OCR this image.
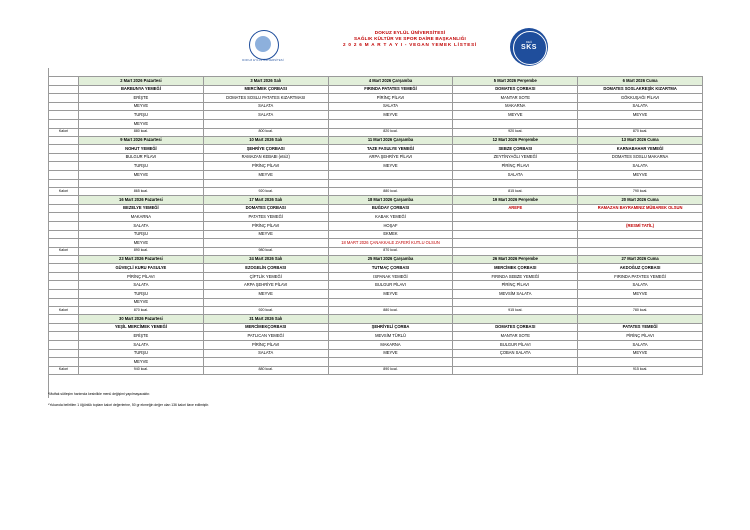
DOKUZ EYLÜL ÜNİVERSİTESİ
DOKUZ EYLÜL ÜNİVERSİTESİ
SAĞLIK KÜLTÜR VE SPOR DAİRE BAŞKANLIĞI
2 0 2 6 M A R T A Y I - VEGAN YEMEK LİSTESİ
DEÜ
SKS
	2 Mart 2026 Pazartesi	3 Mart 2026 Salı	4 Mart 2026 Çarşamba	5 Mart 2026 Perşembe	6 Mart 2026 Cuma
	BARBUNYA YEMEĞİ	MERCİMEK ÇORBASI	FIRINDA PATATES YEMEĞİ	DOMATES ÇORBASI	DOMATES SOSLAKREŞİK KIZARTMA
	ERİŞTE	DOMATES SOSLU PATATES KIZARTMASI	PİRİNÇ PİLAVI	MANTAR SOTE	GÖKKUŞAĞI PİLAVI
	MEYVE	SALATA	SALATA	MAKARNA	SALATA
	TURŞU	SALATA	MEYVE	MEYVE	MEYVE
	MEYVE				
Kalori	880 kcal.	800 kcal.	820 kcal.	920 kcal.	870 kcal.
	9 Mart 2026 Pazartesi	10 Mart 2026 Salı	11 Mart 2026 Çarşamba	12 Mart 2026 Perşembe	13 Mart 2026 Cuma
	NOHUT YEMEĞİ	ŞEHRİYE ÇORBASI	TAZE FASULYE YEMEĞİ	SEBZE ÇORBASI	KARNABAHAR YEMEĞİ
	BULGUR PİLAVI	RAMAZAN KEBABI (etsiz)	ARPA ŞEHRİYE PİLAVI	ZEYTİNYAĞLI YEMEĞİ	DOMATES SOSLU MAKARNA
	TURŞU	PİRİNÇ PİLAVI	MEYVE	PİRİNÇ PİLAVI	SALATA
	MEYVE	MEYVE		SALATA	MEYVE

Kalori	865 kcal.	920 kcal.	880 kcal.	815 kcal.	790 kcal.
	16 Mart 2026 Pazartesi	17 Mart 2026 Salı	18 Mart 2026 Çarşamba	19 Mart 2026 Perşembe	20 Mart 2026 Cuma
	BEZELYE YEMEĞİ	DOMATES ÇORBASI	BUĞDAY ÇORBASI	AREFE	RAMAZAN BAYRAMINIZ MÜBAREK OLSUN
	MAKARNA	PATATES YEMEĞİ	KABAK YEMEĞİ		
	SALATA	PİRİNÇ PİLAVI	HOŞAF		(RESMİ TATİL)
	TURŞU	MEYVE	EKMEK		
	MEYVE		18 MART 2026 ÇANAKKALE ZAFERİ KUTLU OLSUN		
Kalori	890 kcal.	980 kcal.	870 kcal.		
	23 Mart 2026 Pazartesi	24 Mart 2026 Salı	25 Mart 2026 Çarşamba	26 Mart 2026 Perşembe	27 Mart 2026 Cuma
	GÜVEÇLİ KURU FASULYE	EZOGELİN ÇORBASI	TUTMAÇ ÇORBASI	MERCİMEK ÇORBASI	AKDOĞUZ ÇORBASI
	PİRİNÇ PİLAVI	ÇİFTLİK YEMEĞİ	ISPANAK YEMEĞİ	FIRINDA SEBZE YEMEĞİ	FIRINDA PATATES YEMEĞİ
	SALATA	ARPA ŞEHRİYE PİLAVI	BULGUR PİLAVI	PİRİNÇ PİLAVI	SALATA
	TURŞU	MEYVE	MEYVE	MEVSİM SALATA	MEYVE
	MEYVE				
Kalori	870 kcal.	920 kcal.	880 kcal.	915 kcal.	780 kcal.
	30 Mart 2026 Pazartesi	31 Mart 2026 Salı			
	YEŞİL MERCİMEK YEMEĞİ	MERCİMEKÇORBASI	ŞEHRİYELİ ÇORBA	DOMATES ÇORBASI	PATATES YEMEĞİ
	ERİŞTE	PATLICAN YEMEĞİ	MEVSİM TÜRLÜ	MANTAR SOTE	PİRİNÇ PİLAVI
	SALATA	PİRİNÇ PİLAVI	MAKARNA	BULGUR PİLAVI	SALATA
	TURŞU	SALATA	MEYVE	ÇOBAN SALATA	MEYVE
	MEYVE				
Kalori	940 kcal.	880 kcal.	890 kcal.		915 kcal.
*Mutfak sütleşim hariırnda kesinlikle menü değişimi yapılmayacaktır.
*Yukarıda belirtilen 1 öğünlük toplam kalori değerlerine, 50 gr ekmeğin değer olan 136 kalori ilave edilmiştir.
